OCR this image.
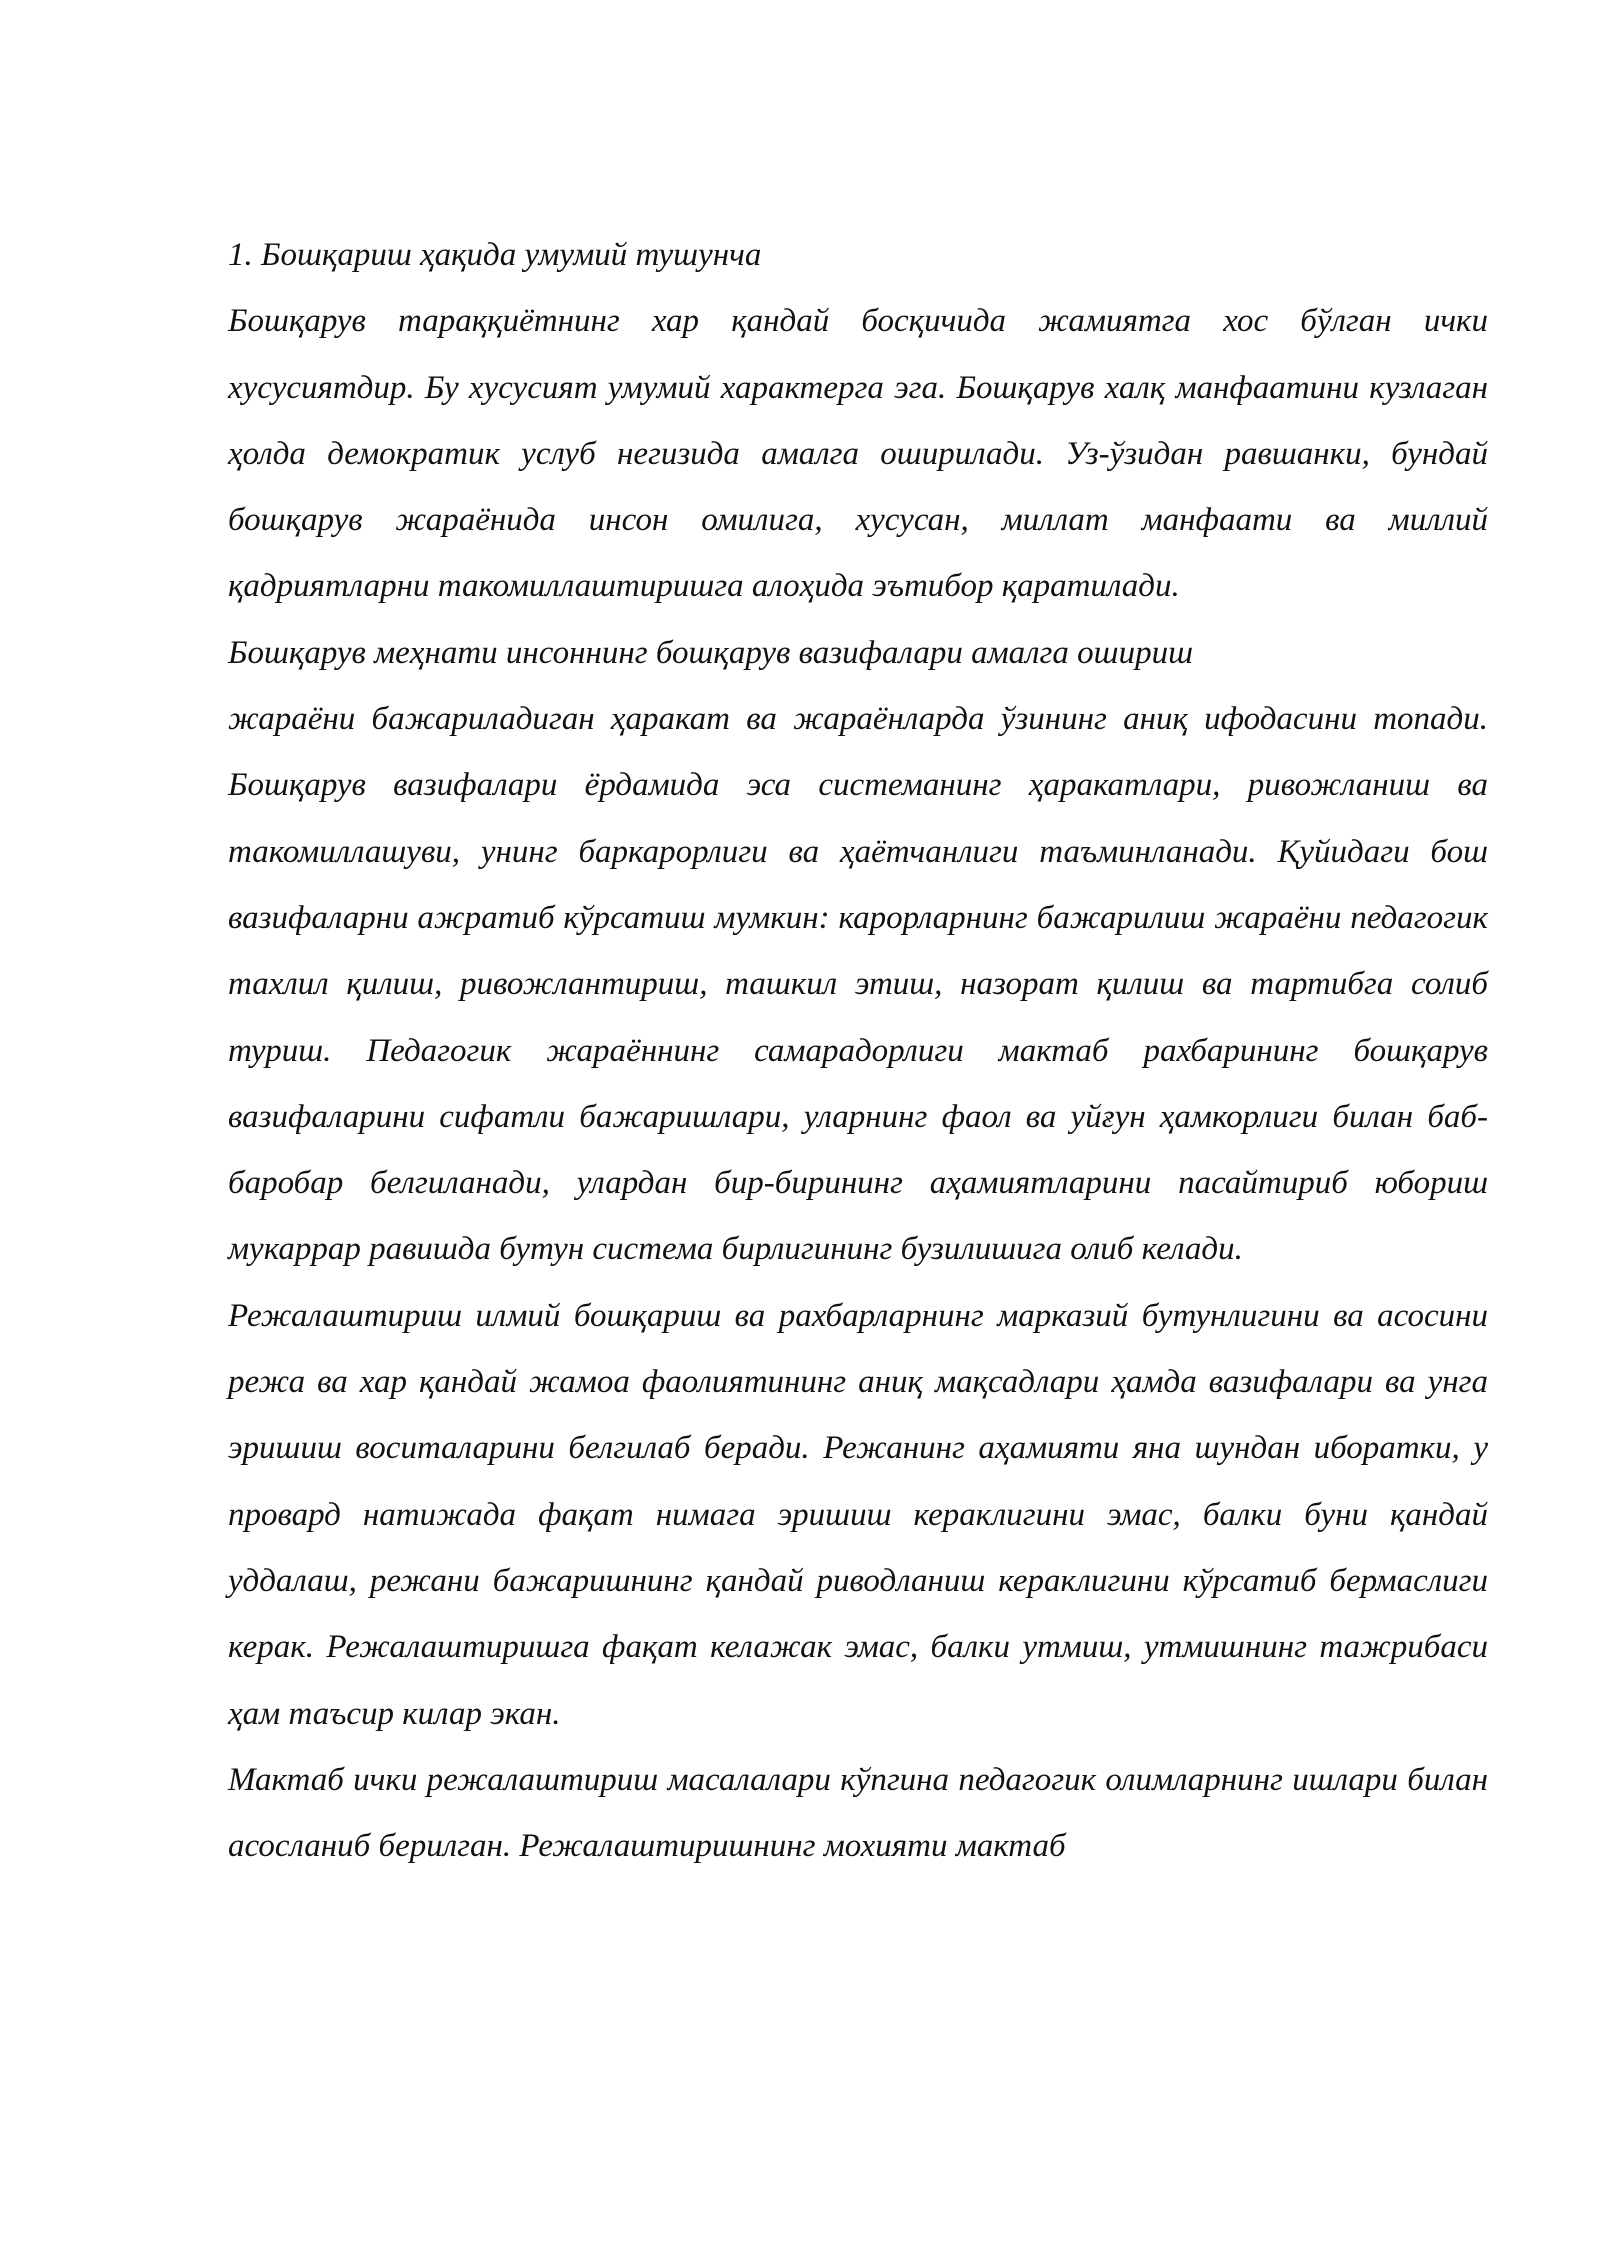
1. Бошқариш ҳақида умумий тушунча

Бошқарув тараққиётнинг хар қандай босқичида жамиятга хос бўлган ички хусусиятдир. Бу хусусият умумий характерга эга. Бошқарув халқ манфаатини кузлаган ҳолда демократик услуб негизида амалга оширилади. Уз-ўзидан равшанки, бундай бошқарув жараёнида инсон омилига, хусусан, миллат манфаати ва миллий қадриятларни такомиллаштиришга алоҳида эътибор қаратилади.

Бошқарув меҳнати инсоннинг бошқарув вазифалари амалга ошириш

жараёни бажариладиган ҳаракат ва жараёнларда ўзининг аниқ ифодасини топади. Бошқарув вазифалари ёрдамида эса системанинг ҳаракатлари, ривожланиш ва такомиллашуви, унинг баркарорлиги ва ҳаётчанлиги таъминланади. Қуйидаги бош вазифаларни ажратиб кўрсатиш мумкин: карорларнинг бажарилиш жараёни педагогик тахлил қилиш, ривожлантириш, ташкил этиш, назорат қилиш ва тартибга солиб туриш. Педагогик жараённинг самарадорлиги мактаб рахбарининг бошқарув вазифаларини сифатли бажаришлари, уларнинг фаол ва уйғун ҳамкорлиги билан баб-баробар белгиланади, улардан бир-бирининг аҳамиятларини пасайтириб юбориш мукаррар равишда бутун система бирлигининг бузилишига олиб келади.

Режалаштириш илмий бошқариш ва рахбарларнинг марказий бутунлигини ва асосини режа ва хар қандай жамоа фаолиятининг аниқ мақсадлари ҳамда вазифалари ва унга эришиш воситаларини белгилаб беради. Режанинг аҳамияти яна шундан иборатки, у провард натижада фақат нимага эришиш кераклигини эмас, балки буни қандай уддалаш, режани бажаришнинг қандай риводланиш кераклигини кўрсатиб бермаслиги керак. Режалаштиришга фақат келажак эмас, балки утмиш, утмишнинг тажрибаси ҳам таъсир килар экан.

Мактаб ички режалаштириш масалалари кўпгина педагогик олимларнинг ишлари билан асосланиб берилган. Режалаштиришнинг мохияти мактаб
